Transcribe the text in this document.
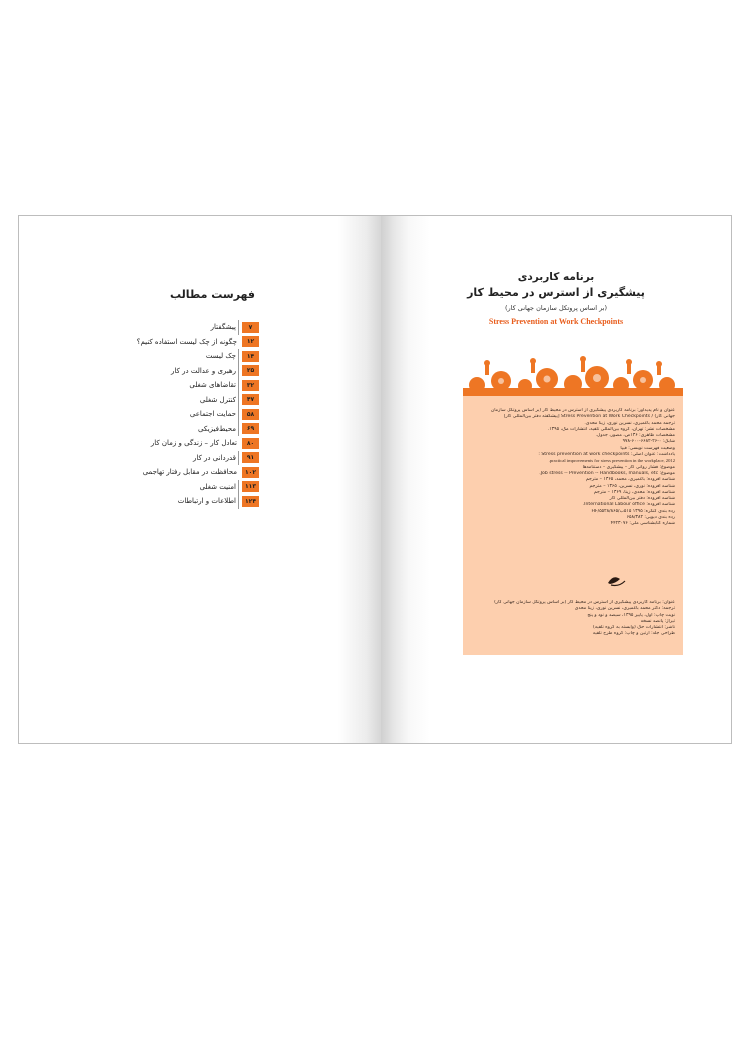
فهرست مطالب
۷
پیشگفتار
۱۲
چگونه از چک لیست استفاده کنیم؟
۱۴
چک لیست
۲۵
رهبری و عدالت در کار
۳۲
تقاضاهای شغلی
۴۷
کنترل شغلی
۵۸
حمایت اجتماعی
۶۹
محیط‌فیزیکی
۸۰
تعادل کار – زندگی و زمان کار
۹۱
قدردانی در کار
۱۰۲
محافظت در مقابل رفتار تهاجمی
۱۱۳
امنیت شغلی
۱۲۴
اطلاعات و ارتباطات
برنامه کاربردی
پیشگیری از استرس در محیط کار
(بر اساس پروتکل سازمان جهانی کار)
Stress Prevention at Work Checkpoints

عنوان و نام پدیدآور: برنامه کاربردی پیشگیری از استرس در محیط کار (بر اساس پروتکل سازمان

جهانی کار) / Stress Prevention at Work Checkpoints [پیشگفته دفتر بین‌المللی کار]

ترجمه محمد باغمیری، نسرین نوری، زینا محدی.

مشخصات نشر: تهران، گروه بین‌المللی تلفیه، انتشارات مک، ۱۳۹۵.

مشخصات ظاهری: ۱۳۶ص، مصور، جدول.

شابک: ۰-۲۶-۶۶۸۲-۶۰۰-۹۷۸

وضعیت فهرست نویسی: فیپا

یادداشت: عنوان اصلی: Stress prevention at work checkpoints :

practical improvements for stress prevention in the workplace, 2012.

موضوع: فشار روانی کار – پیشگیری – دستنامه‌ها

موضوع: Job stress -- Prevention -- Handbooks, manuals, etc.

شناسه افزوده: باغمیری، محمد، ۱۳۶۵ – مترجم

شناسه افزوده: نوری، نسرین، ۱۳۶۵ – مترجم

شناسه افزوده: محدی، زینا، ۱۳۶۹ – مترجم

شناسه افزوده: دفتر بین‌المللی کار

شناسه افزوده: International Labour office.

رده بندی کنگره: ۱۳۹۵ ۵۱۵ب/۵۵۲۸/۸۶۵/HF

رده بندی دیویی: ۶۵۸/۳۸۲

شماره کتابشناسی ملی: ۴۴۲۳۰۷۶

عنوان: برنامه کاربردی پیشگیری از استرس در محیط کار (بر اساس پروتکل سازمان جهانی کار)

ترجمه: دکتر محمد باغمیری، نسرین نوری، زینا محدی

نوبت چاپ: اول، پاییز ۱۳۹۵، سیصد و نود و پنج

تیراژ: پانصد نسخه

ناشر: انتشارات حک (وابسته به گروه تلفیه)

طراحی جلد: آرتین و چاپ: گروه طرح تلفیه
